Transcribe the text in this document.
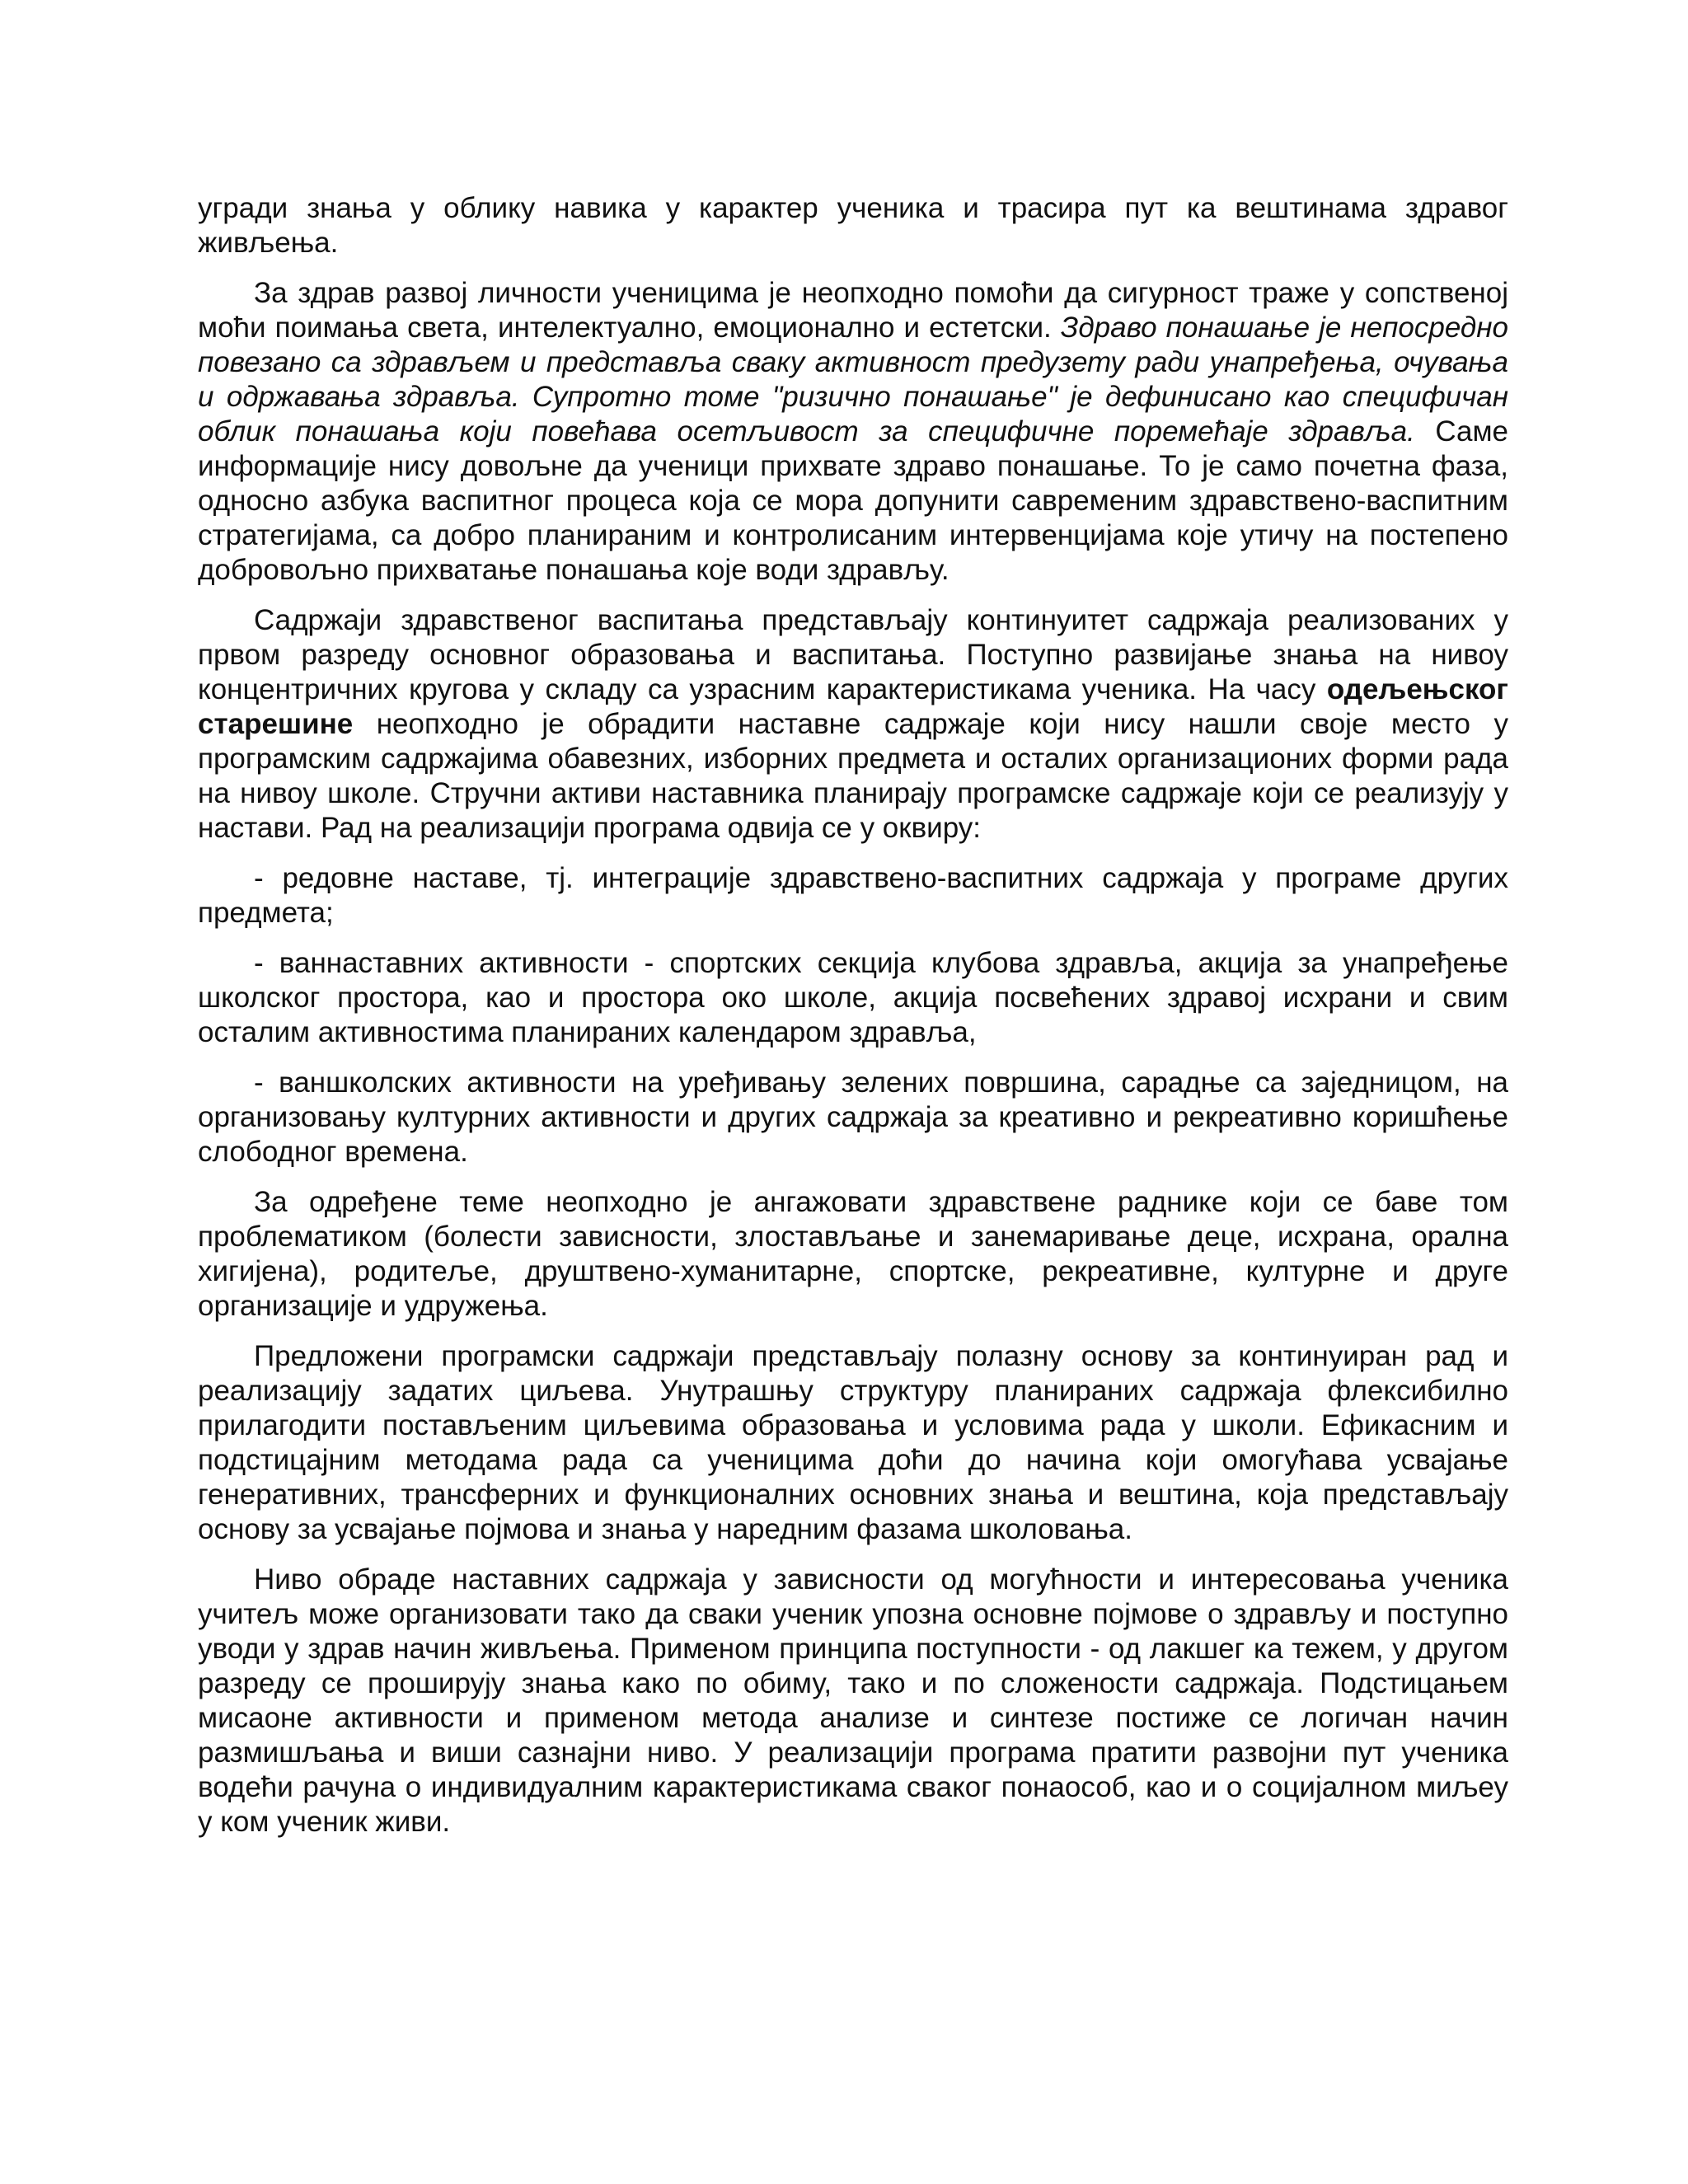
угради знања у облику навика у карактер ученика и трасира пут ка вештинама здравог живљења.

За здрав развој личности ученицима је неопходно помоћи да сигурност траже у сопственој моћи поимања света, интелектуално, емоционално и естетски. Здраво понашање је непосредно повезано са здрављем и представља сваку активност предузету ради унапређења, очувања и одржавања здравља. Супротно томе "ризично понашање" је дефинисано као специфичан облик понашања који повећава осетљивост за специфичне поремећаје здравља. Саме информације нису довољне да ученици прихвате здраво понашање. То је само почетна фаза, односно азбука васпитног процеса која се мора допунити савременим здравствено-васпитним стратегијама, са добро планираним и контролисаним интервенцијама које утичу на постепено добровољно прихватање понашања које води здрављу.

Садржаји здравственог васпитања представљају континуитет садржаја реализованих у првом разреду основног образовања и васпитања. Поступно развијање знања на нивоу концентричних кругова у складу са узрасним карактеристикама ученика. На часу одељењског старешине неопходно је обрадити наставне садржаје који нису нашли своје место у програмским садржајима обавезних, изборних предмета и осталих организационих форми рада на нивоу школе. Стручни активи наставника планирају програмске садржаје који се реализују у настави. Рад на реализацији програма одвија се у оквиру:

- редовне наставе, тј. интеграције здравствено-васпитних садржаја у програме других предмета;

- ваннаставних активности - спортских секција клубова здравља, акција за унапређење школског простора, као и простора око школе, акција посвећених здравој исхрани и свим осталим активностима планираних календаром здравља,

- ваншколских активности на уређивању зелених површина, сарадње са заједницом, на организовању културних активности и других садржаја за креативно и рекреативно коришћење слободног времена.

За одређене теме неопходно је ангажовати здравствене раднике који се баве том проблематиком (болести зависности, злостављање и занемаривање деце, исхрана, орална хигијена), родитеље, друштвено-хуманитарне, спортске, рекреативне, културне и друге организације и удружења.

Предложени програмски садржаји представљају полазну основу за континуиран рад и реализацију задатих циљева. Унутрашњу структуру планираних садржаја флексибилно прилагодити постављеним циљевима образовања и условима рада у школи. Ефикасним и подстицајним методама рада са ученицима доћи до начина који омогућава усвајање генеративних, трансферних и функционалних основних знања и вештина, која представљају основу за усвајање појмова и знања у наредним фазама школовања.

Ниво обраде наставних садржаја у зависности од могућности и интересовања ученика учитељ може организовати тако да сваки ученик упозна основне појмове о здрављу и поступно уводи у здрав начин живљења. Применом принципа поступности - од лакшег ка тежем, у другом разреду се проширују знања како по обиму, тако и по сложености садржаја. Подстицањем мисаоне активности и применом метода анализе и синтезе постиже се логичан начин размишљања и виши сазнајни ниво. У реализацији програма пратити развојни пут ученика водећи рачуна о индивидуалним карактеристикама сваког понаособ, као и о социјалном миљеу у ком ученик живи.
